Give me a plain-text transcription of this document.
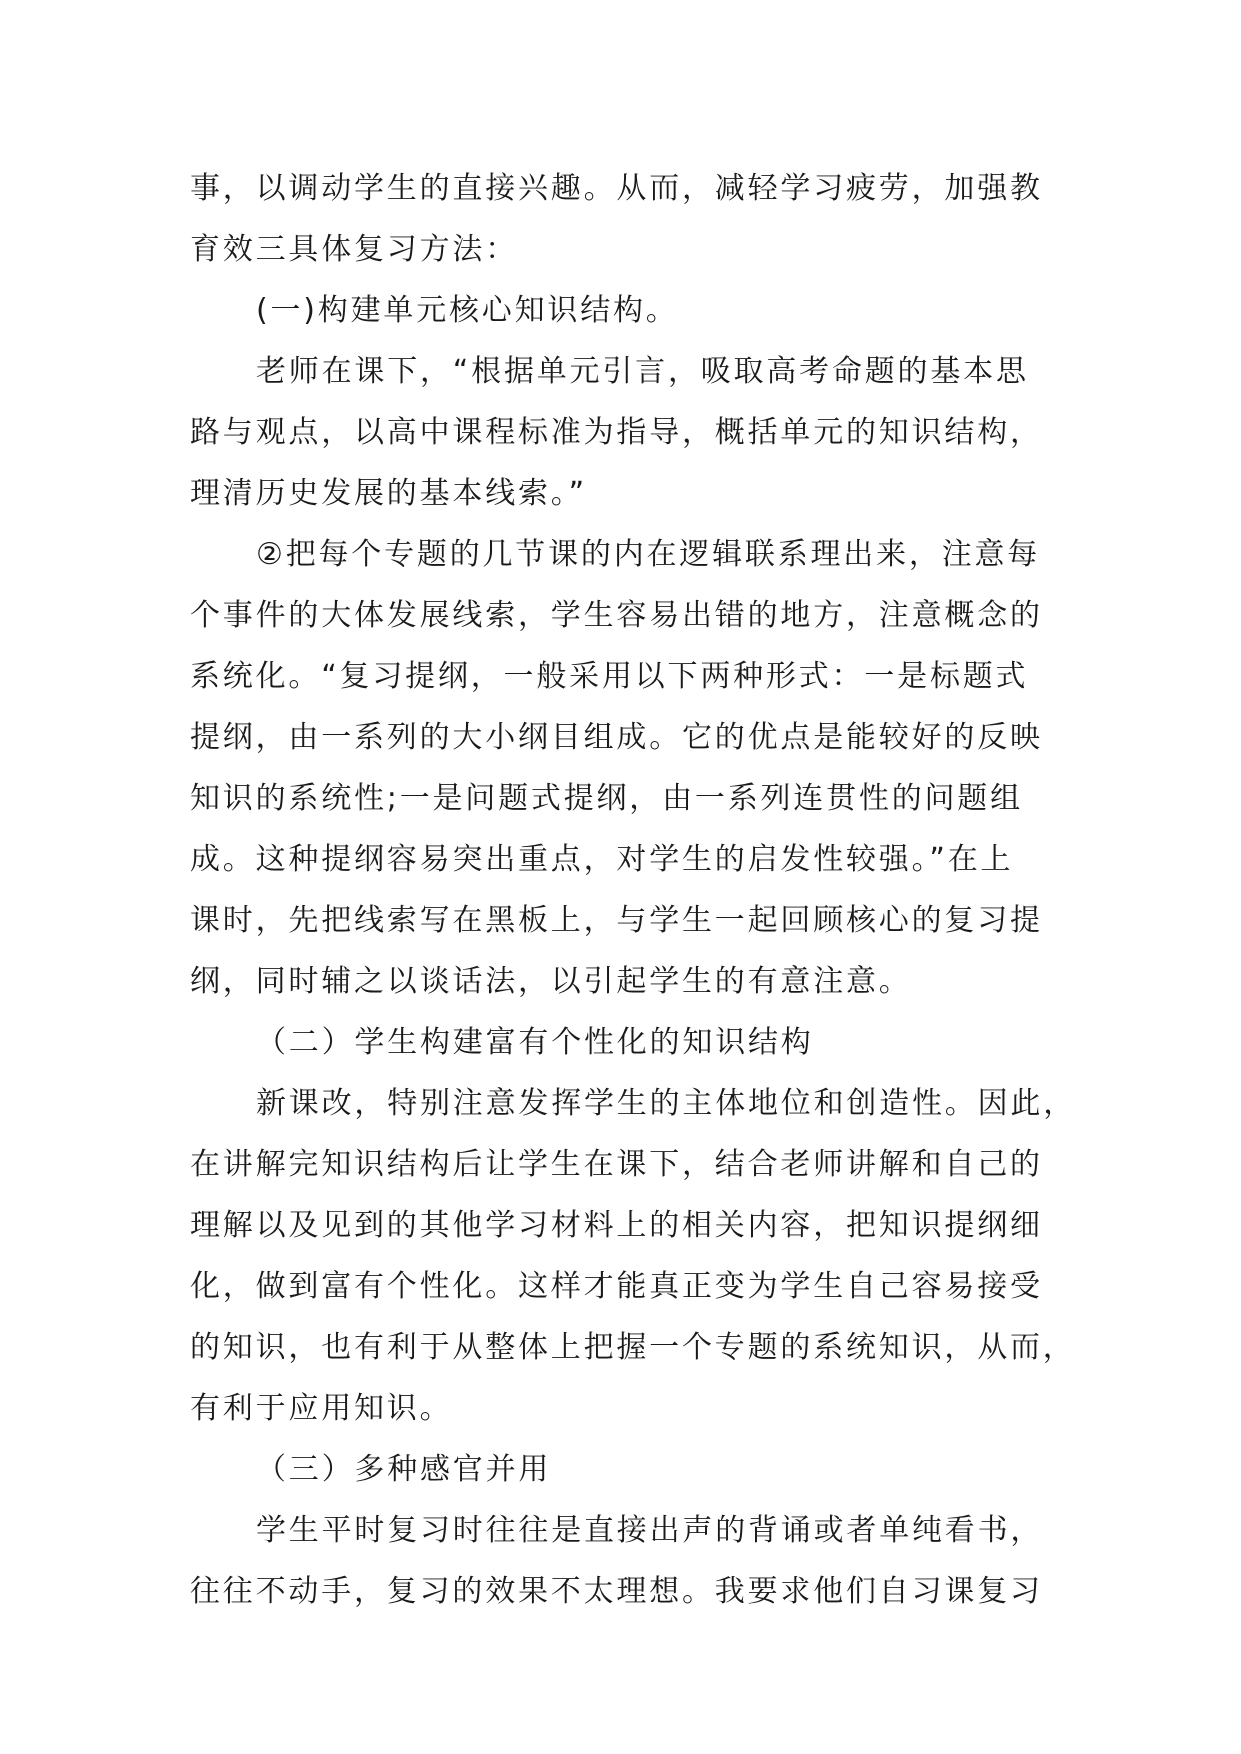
事，以调动学生的直接兴趣。从而，减轻学习疲劳，加强教
育效三具体复习方法：
(一)构建单元核心知识结构。
老师在课下，“根据单元引言，吸取高考命题的基本思
路与观点，以高中课程标准为指导，概括单元的知识结构，
理清历史发展的基本线索。”
②把每个专题的几节课的内在逻辑联系理出来，注意每
个事件的大体发展线索，学生容易出错的地方，注意概念的
系统化。“复习提纲，一般采用以下两种形式：一是标题式
提纲，由一系列的大小纲目组成。它的优点是能较好的反映
知识的系统性;一是问题式提纲，由一系列连贯性的问题组
成。这种提纲容易突出重点，对学生的启发性较强。”在上
课时，先把线索写在黑板上，与学生一起回顾核心的复习提
纲，同时辅之以谈话法，以引起学生的有意注意。
（二）学生构建富有个性化的知识结构
新课改，特别注意发挥学生的主体地位和创造性。因此，
在讲解完知识结构后让学生在课下，结合老师讲解和自己的
理解以及见到的其他学习材料上的相关内容，把知识提纲细
化，做到富有个性化。这样才能真正变为学生自己容易接受
的知识，也有利于从整体上把握一个专题的系统知识，从而，
有利于应用知识。
（三）多种感官并用
学生平时复习时往往是直接出声的背诵或者单纯看书，
往往不动手，复习的效果不太理想。我要求他们自习课复习
